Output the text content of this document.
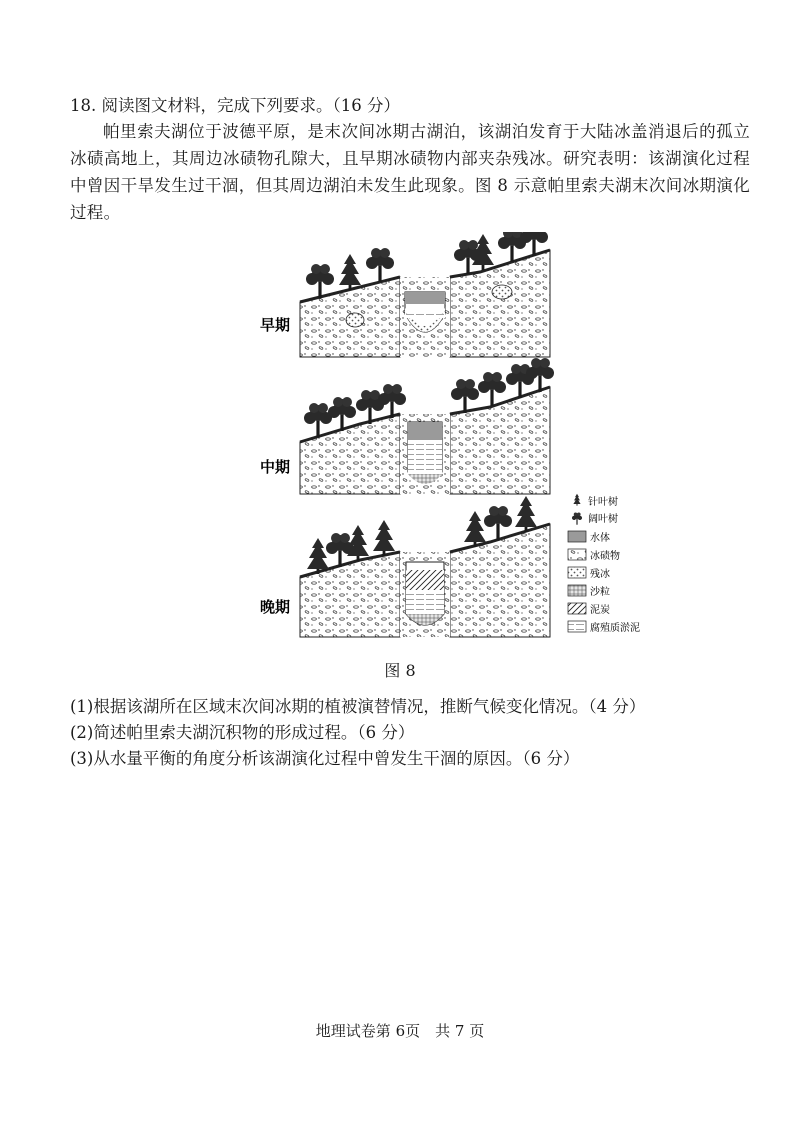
18. 阅读图文材料，完成下列要求。（16 分）
帕里索夫湖位于波德平原，是末次间冰期古湖泊，该湖泊发育于大陆冰盖消退后的孤立冰碛高地上，其周边冰碛物孔隙大，且早期冰碛物内部夹杂残冰。研究表明：该湖演化过程中曾因干旱发生过干涸，但其周边湖泊未发生此现象。图 8 示意帕里索夫湖末次间冰期演化过程。
早期
中期
晚期
针叶树
阔叶树
水体
冰碛物
残冰
沙粒
泥炭
腐殖质淤泥
图 8
(1)根据该湖所在区域末次间冰期的植被演替情况，推断气候变化情况。（4 分）
(2)简述帕里索夫湖沉积物的形成过程。（6 分）
(3)从水量平衡的角度分析该湖演化过程中曾发生干涸的原因。（6 分）
地理试卷第 6页　共 7 页
